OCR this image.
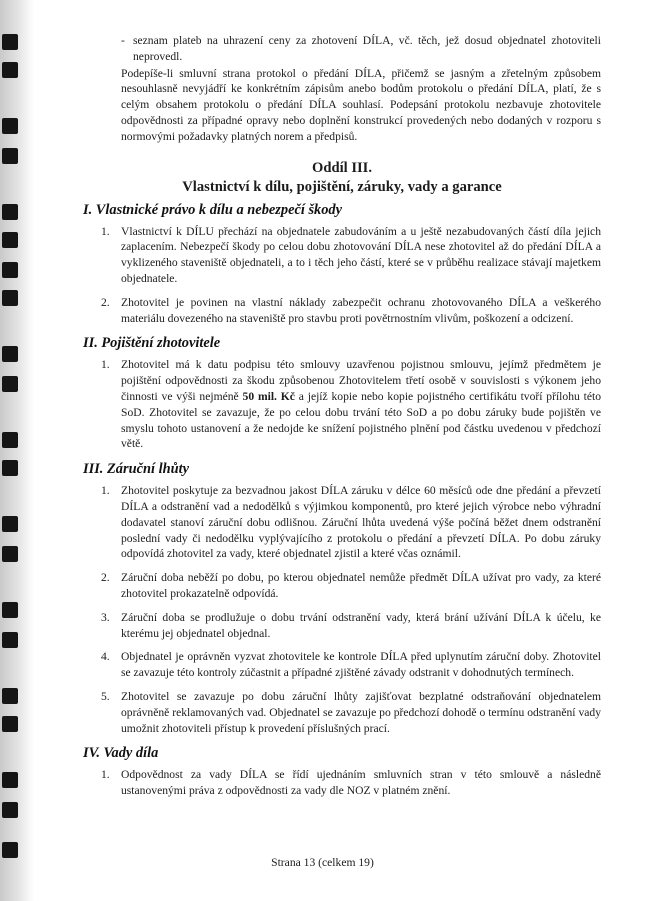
- seznam plateb na uhrazení ceny za zhotovení DÍLA, vč. těch, jež dosud objednatel zhotoviteli neprovedl.

Podepíše-li smluvní strana protokol o předání DÍLA, přičemž se jasným a zřetelným způsobem nesouhlasně nevyjádří ke konkrétním zápisům anebo bodům protokolu o předání DÍLA, platí, že s celým obsahem protokolu o předání DÍLA souhlasí. Podepsání protokolu nezbavuje zhotovitele odpovědnosti za případné opravy nebo doplnění konstrukcí provedených nebo dodaných v rozporu s normovými požadavky platných norem a předpisů.

Oddíl III.

Vlastnictví k dílu, pojištění, záruky, vady a garance

I. Vlastnické právo k dílu a nebezpečí škody

1. Vlastnictví k DÍLU přechází na objednatele zabudováním a u ještě nezabudovaných částí díla jejich zaplacením. Nebezpečí škody po celou dobu zhotovování DÍLA nese zhotovitel až do předání DÍLA a vyklizeného staveniště objednateli, a to i těch jeho částí, které se v průběhu realizace stávají majetkem objednatele.
2. Zhotovitel je povinen na vlastní náklady zabezpečit ochranu zhotovovaného DÍLA a veškerého materiálu dovezeného na staveniště pro stavbu proti povětrnostním vlivům, poškození a odcizení.

II. Pojištění zhotovitele

1. Zhotovitel má k datu podpisu této smlouvy uzavřenou pojistnou smlouvu, jejímž předmětem je pojištění odpovědnosti za škodu způsobenou Zhotovitelem třetí osobě v souvislosti s výkonem jeho činnosti ve výši nejméně 50 mil. Kč a jejíž kopie nebo kopie pojistného certifikátu tvoří přílohu této SoD. Zhotovitel se zavazuje, že po celou dobu trvání této SoD a po dobu záruky bude pojištěn ve smyslu tohoto ustanovení a že nedojde ke snížení pojistného plnění pod částku uvedenou v předchozí větě.

III. Záruční lhůty

1. Zhotovitel poskytuje za bezvadnou jakost DÍLA záruku v délce 60 měsíců ode dne předání a převzetí DÍLA a odstranění vad a nedodělků s výjimkou komponentů, pro které jejich výrobce nebo výhradní dodavatel stanoví záruční dobu odlišnou. Záruční lhůta uvedená výše počíná běžet dnem odstranění poslední vady či nedodělku vyplývajícího z protokolu o předání a převzetí DÍLA. Po dobu záruky odpovídá zhotovitel za vady, které objednatel zjistil a které včas oznámil.
2. Záruční doba neběží po dobu, po kterou objednatel nemůže předmět DÍLA užívat pro vady, za které zhotovitel prokazatelně odpovídá.
3. Záruční doba se prodlužuje o dobu trvání odstranění vady, která brání užívání DÍLA k účelu, ke kterému jej objednatel objednal.
4. Objednatel je oprávněn vyzvat zhotovitele ke kontrole DÍLA před uplynutím záruční doby. Zhotovitel se zavazuje této kontroly zúčastnit a případné zjištěné závady odstranit v dohodnutých termínech.
5. Zhotovitel se zavazuje po dobu záruční lhůty zajišťovat bezplatné odstraňování objednatelem oprávněně reklamovaných vad. Objednatel se zavazuje po předchozí dohodě o termínu odstranění vady umožnit zhotoviteli přístup k provedení příslušných prací.

IV. Vady díla

1. Odpovědnost za vady DÍLA se řídí ujednáním smluvních stran v této smlouvě a následně ustanovenými práva z odpovědnosti za vady dle NOZ v platném znění.
Strana 13 (celkem 19)
